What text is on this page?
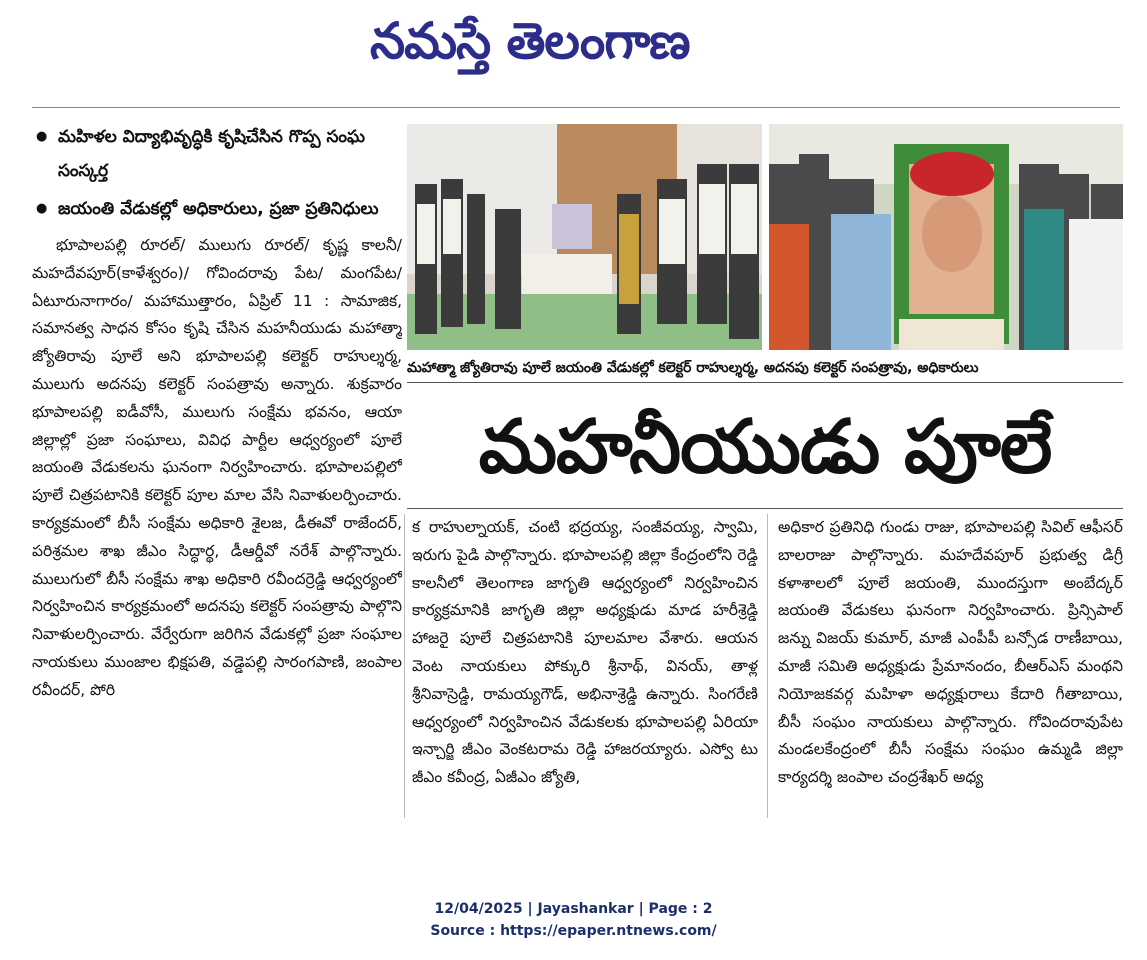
నమస్తే తెలంగాణ
● మహిళల విద్యాభివృద్ధికి కృషిచేసిన గొప్ప సంఘ సంస్కర్త
● జయంతి వేడుకల్లో అధికారులు, ప్రజా ప్రతినిధులు

భూపాలపల్లి రూరల్/ ములుగు రూరల్/ కృష్ణ కాలనీ/ మహదేవపూర్(కాళేశ్వరం)/ గోవిందరావు పేట/ మంగపేట/ ఏటూరునాగారం/ మహాముత్తారం, ఏప్రిల్ 11 : సామాజిక, సమానత్వ సాధన కోసం కృషి చేసిన మహనీయుడు మహాత్మా జ్యోతిరావు పూలే అని భూపాలపల్లి కలెక్టర్ రాహుల్శర్మ, ములుగు అదనపు కలెక్టర్ సంపత్రావు అన్నారు. శుక్రవారం భూపాలపల్లి ఐడీవోసీ, ములుగు సంక్షేమ భవనం, ఆయా జిల్లాల్లో ప్రజా సంఘాలు, వివిధ పార్టీల ఆధ్వర్యంలో పూలే జయంతి వేడుకలను ఘనంగా నిర్వహించారు. భూపాలపల్లిలో పూలే చిత్రపటానికి కలెక్టర్ పూల మాల వేసి నివాళులర్పించారు. కార్యక్రమంలో బీసీ సంక్షేమ అధికారి శైలజ, డీఈవో రాజేందర్, పరిశ్రమల శాఖ జీఎం సిద్ధార్థ, డీఆర్డీవో నరేశ్ పాల్గొన్నారు. ములుగులో బీసీ సంక్షేమ శాఖ అధికారి రవీందర్రెడ్డి ఆధ్వర్యంలో నిర్వహించిన కార్యక్రమంలో అదనపు కలెక్టర్ సంపత్రావు పాల్గొని నివాళులర్పించారు. వేర్వేరుగా జరిగిన వేడుకల్లో ప్రజా సంఘాల నాయకులు ముంజాల భిక్షపతి, వడ్డెపల్లి సారంగపాణి, జంపాల రవీందర్, పోరి

మహాత్మా జ్యోతిరావు పూలే జయంతి వేడుకల్లో కలెక్టర్ రాహుల్శర్మ, అదనపు కలెక్టర్ సంపత్రావు, అధికారులు
మహనీయుడు పూలే
క రాహుల్నాయక్, చంటి భద్రయ్య, సంజీవయ్య, స్వామి, ఇరుగు పైడి పాల్గొన్నారు. భూపాలపల్లి జిల్లా కేంద్రంలోని రెడ్డి కాలనీలో తెలంగాణ జాగృతి ఆధ్వర్యంలో నిర్వహించిన కార్యక్రమానికి జాగృతి జిల్లా అధ్యక్షుడు మాడ హరీశ్రెడ్డి హాజరై పూలే చిత్రపటానికి పూలమాల వేశారు. ఆయన వెంట నాయకులు పోక్కురి శ్రీనాథ్, వినయ్, తాళ్ల శ్రీనివాస్రెడ్డి, రామయ్యగౌడ్, అభినాశ్రెడ్డి ఉన్నారు. సింగరేణి ఆధ్వర్యంలో నిర్వహించిన వేడుకలకు భూపాలపల్లి ఏరియా ఇన్చార్జి జీఎం వెంకటరామ రెడ్డి హాజరయ్యారు. ఎస్వో టు జీఎం కవీంద్ర, ఏజీఎం జ్యోతి,
అధికార ప్రతినిధి గుండు రాజు, భూపాలపల్లి సివిల్ ఆఫీసర్ బాలరాజు పాల్గొన్నారు. మహదేవపూర్ ప్రభుత్వ డిగ్రీ కళాశాలలో పూలే జయంతి, ముందస్తుగా అంబేద్కర్ జయంతి వేడుకలు ఘనంగా నిర్వహించారు. ప్రిన్సిపాల్ జన్ను విజయ్ కుమార్, మాజీ ఎంపీపీ బన్సోడ రాణీబాయి, మాజీ సమితి అధ్యక్షుడు ప్రేమానందం, బీఆర్ఎస్ మంథని నియోజకవర్గ మహిళా అధ్యక్షురాలు కేదారి గీతాబాయి, బీసీ సంఘం నాయకులు పాల్గొన్నారు. గోవిందరావుపేట మండలకేంద్రంలో బీసీ సంక్షేమ సంఘం ఉమ్మడి జిల్లా కార్యదర్శి జంపాల చంద్రశేఖర్ అధ్య
12/04/2025 | Jayashankar | Page : 2
Source : https://epaper.ntnews.com/
